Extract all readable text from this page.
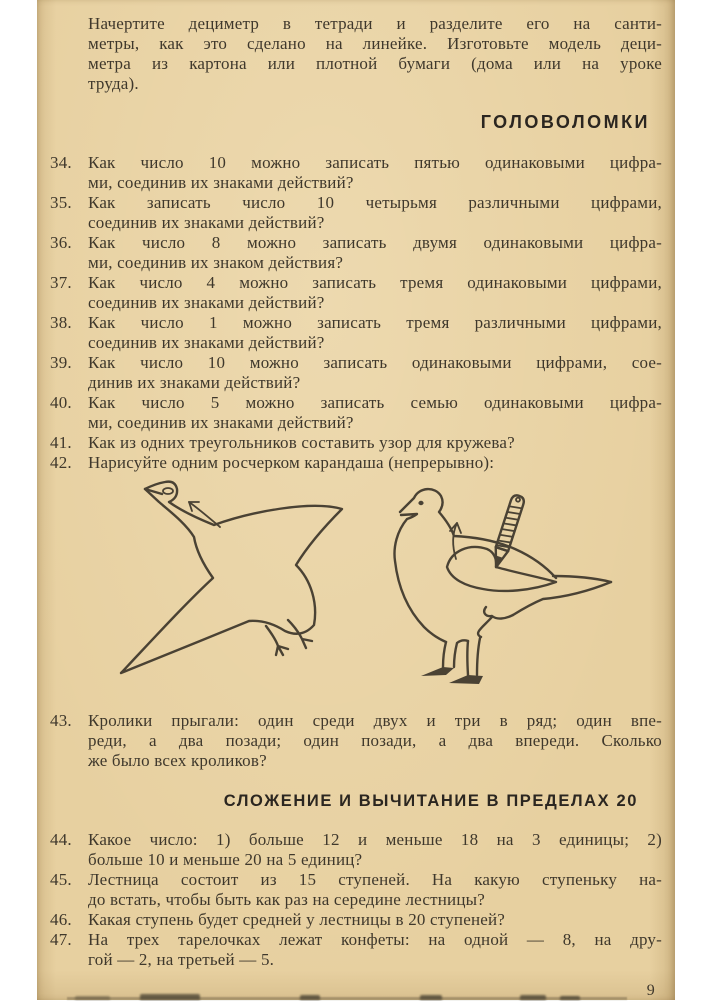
Начертите дециметр в тетради и разделите его на санти-
метры, как это сделано на линейке. Изготовьте модель деци-
метра из картона или плотной бумаги (дома или на уроке
труда).

ГОЛОВОЛОМКИ
34. Как число 10 можно записать пятью одинаковыми цифра-
ми, соединив их знаками действий?
35. Как записать число 10 четырьмя различными цифрами,
соединив их знаками действий?
36. Как число 8 можно записать двумя одинаковыми цифра-
ми, соединив их знаком действия?
37. Как число 4 можно записать тремя одинаковыми цифрами,
соединив их знаками действий?
38. Как число 1 можно записать тремя различными цифрами,
соединив их знаками действий?
39. Как число 10 можно записать одинаковыми цифрами, сое-
динив их знаками действий?
40. Как число 5 можно записать семью одинаковыми цифра-
ми, соединив их знаками действий?
41. Как из одних треугольников составить узор для кружева?
42. Нарисуйте одним росчерком карандаша (непрерывно):
43. Кролики прыгали: один среди двух и три в ряд; один впе-
реди, а два позади; один позади, а два впереди. Сколько
же было всех кроликов?
СЛОЖЕНИЕ И ВЫЧИТАНИЕ В ПРЕДЕЛАХ 20
44. Какое число: 1) больше 12 и меньше 18 на 3 единицы; 2)
больше 10 и меньше 20 на 5 единиц?
45. Лестница состоит из 15 ступеней. На какую ступеньку на-
до встать, чтобы быть как раз на середине лестницы?
46. Какая ступень будет средней у лестницы в 20 ступеней?
47. На трех тарелочках лежат конфеты: на одной — 8, на дру-
гой — 2, на третьей — 5.
9
